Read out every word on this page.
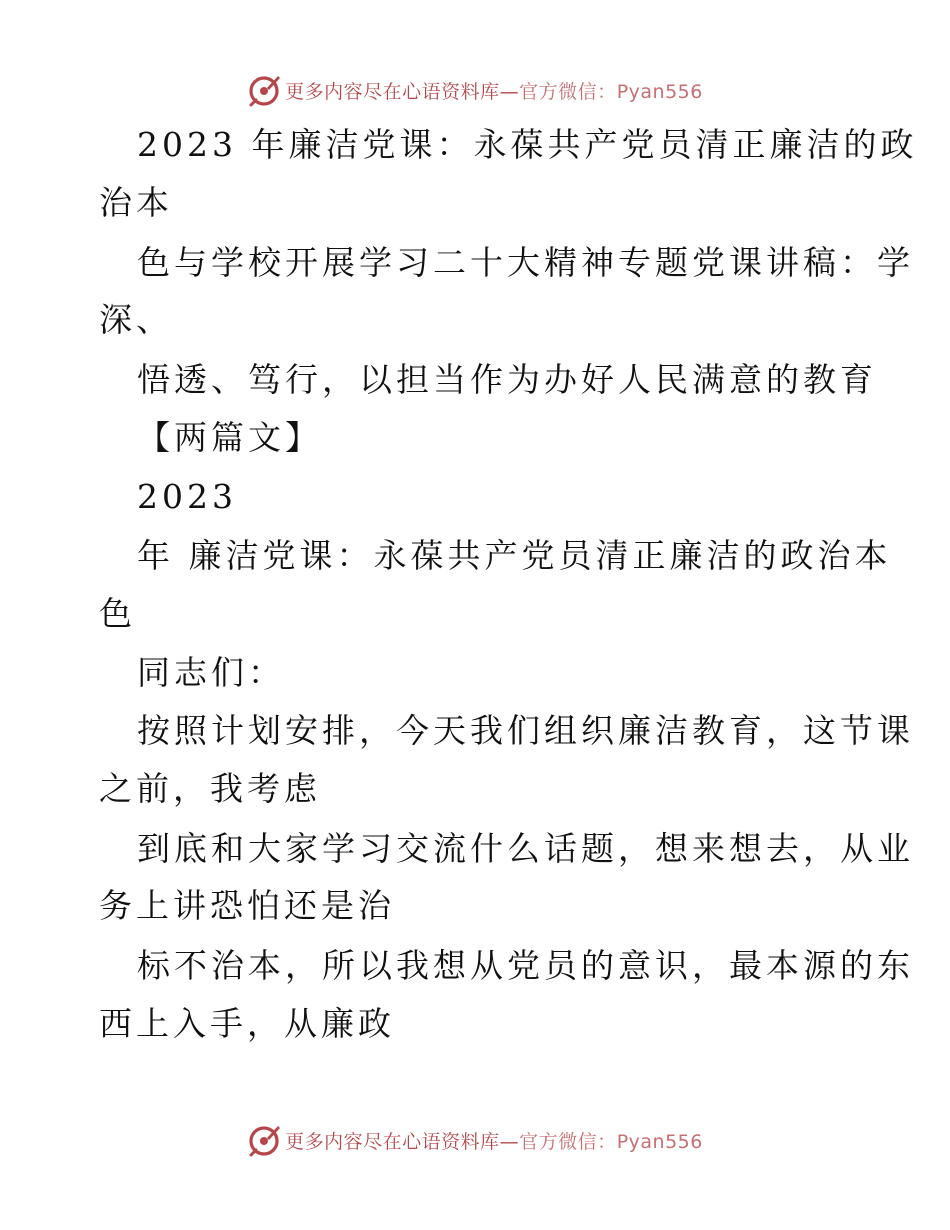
更多内容尽在心语资料库—官方微信：Pyan556
2023 年廉洁党课：永葆共产党员清正廉洁的政
治本
色与学校开展学习二十大精神专题党课讲稿：学
深、
悟透、笃行，以担当作为办好人民满意的教育
【两篇文】
2023
年 廉洁党课：永葆共产党员清正廉洁的政治本
色
同志们：
按照计划安排，今天我们组织廉洁教育，这节课
之前，我考虑
到底和大家学习交流什么话题，想来想去，从业
务上讲恐怕还是治
标不治本，所以我想从党员的意识，最本源的东
西上入手，从廉政
更多内容尽在心语资料库—官方微信：Pyan556
